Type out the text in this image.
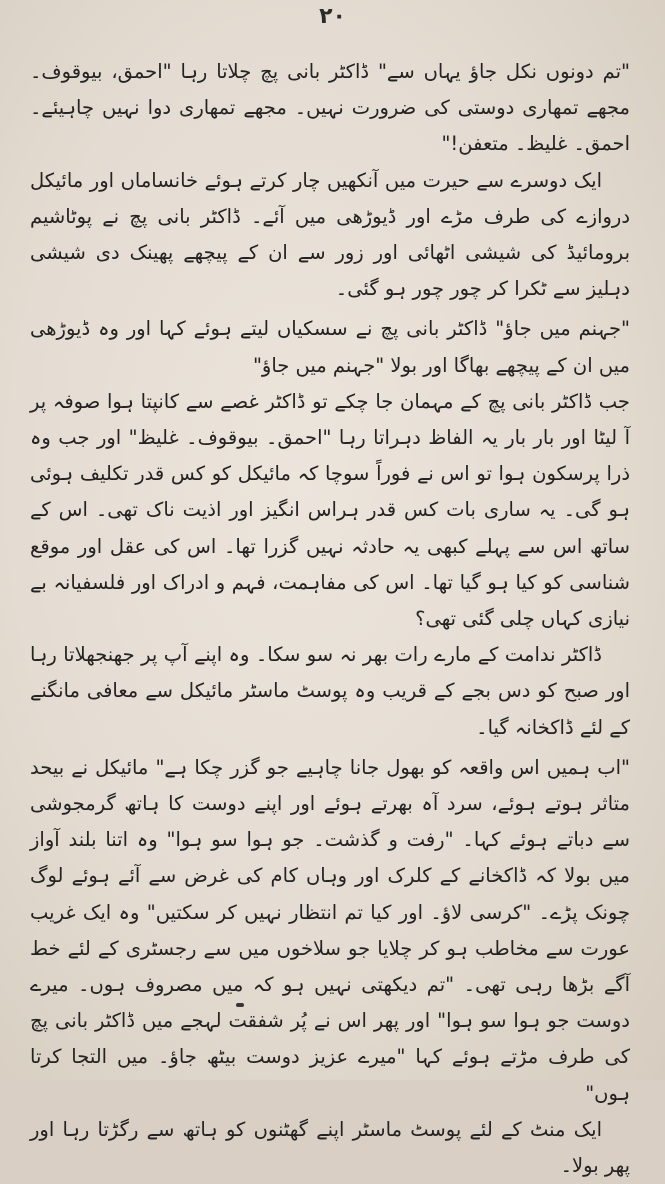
۲۰

"تم دونوں نکل جاؤ یہاں سے" ڈاکٹر بانی پچ چلاتا رہا "احمق، بیوقوف۔ مجھے تمھاری دوستی کی ضرورت نہیں۔ مجھے تمھاری دوا نہیں چاہیئے۔ احمق۔ غلیظ۔ متعفن!"

ایک دوسرے سے حیرت میں آنکھیں چار کرتے ہوئے خانساماں اور مائیکل دروازے کی طرف مڑے اور ڈیوڑھی میں آئے۔ ڈاکٹر بانی پچ نے پوٹاشیم برومائیڈ کی شیشی اٹھائی اور زور سے ان کے پیچھے پھینک دی شیشی دہلیز سے ٹکرا کر چور چور ہو گئی۔

"جہنم میں جاؤ" ڈاکٹر بانی پچ نے سسکیاں لیتے ہوئے کہا اور وہ ڈیوڑھی میں ان کے پیچھے بھاگا اور بولا "جہنم میں جاؤ"

جب ڈاکٹر بانی پچ کے مہمان جا چکے تو ڈاکٹر غصے سے کانپتا ہوا صوفہ پر آ لیٹا اور بار بار یہ الفاظ دہراتا رہا "احمق۔ بیوقوف۔ غلیظ" اور جب وہ ذرا پرسکون ہوا تو اس نے فوراً سوچا کہ مائیکل کو کس قدر تکلیف ہوئی ہو گی۔ یہ ساری بات کس قدر ہراس انگیز اور اذیت ناک تھی۔ اس کے ساتھ اس سے پہلے کبھی یہ حادثہ نہیں گزرا تھا۔ اس کی عقل اور موقع شناسی کو کیا ہو گیا تھا۔ اس کی مفاہمت، فہم و ادراک اور فلسفیانہ بے نیازی کہاں چلی گئی تھی؟

ڈاکٹر ندامت کے مارے رات بھر نہ سو سکا۔ وہ اپنے آپ پر جھنجھلاتا رہا اور صبح کو دس بجے کے قریب وہ پوسٹ ماسٹر مائیکل سے معافی مانگنے کے لئے ڈاکخانہ گیا۔

"اب ہمیں اس واقعہ کو بھول جانا چاہیے جو گزر چکا ہے" مائیکل نے بیحد متاثر ہوتے ہوئے، سرد آہ بھرتے ہوئے اور اپنے دوست کا ہاتھ گرمجوشی سے دباتے ہوئے کہا۔ "رفت و گذشت۔ جو ہوا سو ہوا" وہ اتنا بلند آواز میں بولا کہ ڈاکخانے کے کلرک اور وہاں کام کی غرض سے آئے ہوئے لوگ چونک پڑے۔ "کرسی لاؤ۔ اور کیا تم انتظار نہیں کر سکتیں" وہ ایک غریب عورت سے مخاطب ہو کر چلایا جو سلاخوں میں سے رجسٹری کے لئے خط آگے بڑھا رہی تھی۔ "تم دیکھتی نہیں ہو کہ میں مصروف ہوں۔ میرے دوست جو ہوا سو ہوا" اور پھر اس نے پُر شفقت لہجے میں ڈاکٹر بانی پچ کی طرف مڑتے ہوئے کہا "میرے عزیز دوست بیٹھ جاؤ۔ میں التجا کرتا ہوں"

ایک منٹ کے لئے پوسٹ ماسٹر اپنے گھٹنوں کو ہاتھ سے رگڑتا رہا اور پھر بولا۔
